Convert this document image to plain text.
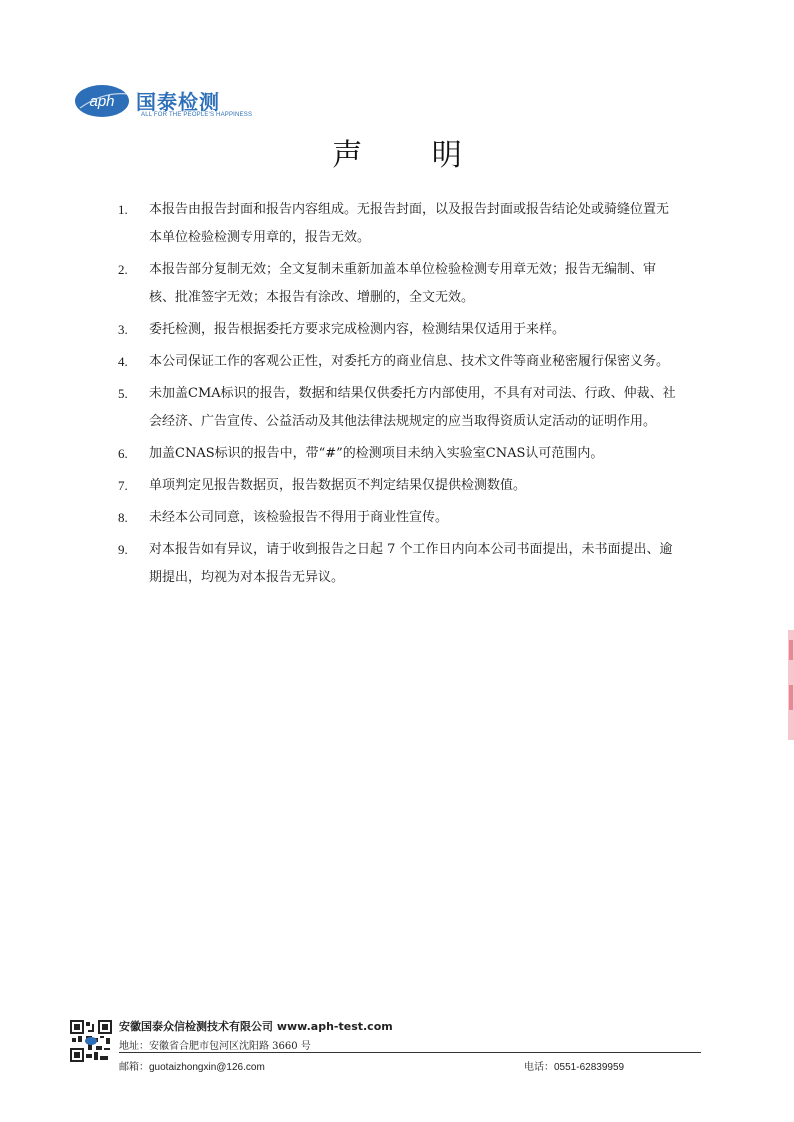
aph 国泰检测
ALL FOR THE PEOPLE'S HAPPINESS
声 明
1.	本报告由报告封面和报告内容组成。无报告封面，以及报告封面或报告结论处或骑缝位置无本单位检验检测专用章的，报告无效。
2.	本报告部分复制无效；全文复制未重新加盖本单位检验检测专用章无效；报告无编制、审核、批准签字无效；本报告有涂改、增删的，全文无效。
3.	委托检测，报告根据委托方要求完成检测内容，检测结果仅适用于来样。
4.	本公司保证工作的客观公正性，对委托方的商业信息、技术文件等商业秘密履行保密义务。
5.	未加盖CMA标识的报告，数据和结果仅供委托方内部使用，不具有对司法、行政、仲裁、社会经济、广告宣传、公益活动及其他法律法规规定的应当取得资质认定活动的证明作用。
6.	加盖CNAS标识的报告中，带“#”的检测项目未纳入实验室CNAS认可范围内。
7.	单项判定见报告数据页，报告数据页不判定结果仅提供检测数值。
8.	未经本公司同意，该检验报告不得用于商业性宣传。
9.	对本报告如有异议，请于收到报告之日起 7 个工作日内向本公司书面提出，未书面提出、逾期提出，均视为对本报告无异议。
安徽国泰众信检测技术有限公司 www.aph-test.com
地址：安徽省合肥市包河区沈阳路 3660 号
邮箱：guotaizhongxin@126.com	电话：0551-62839959
